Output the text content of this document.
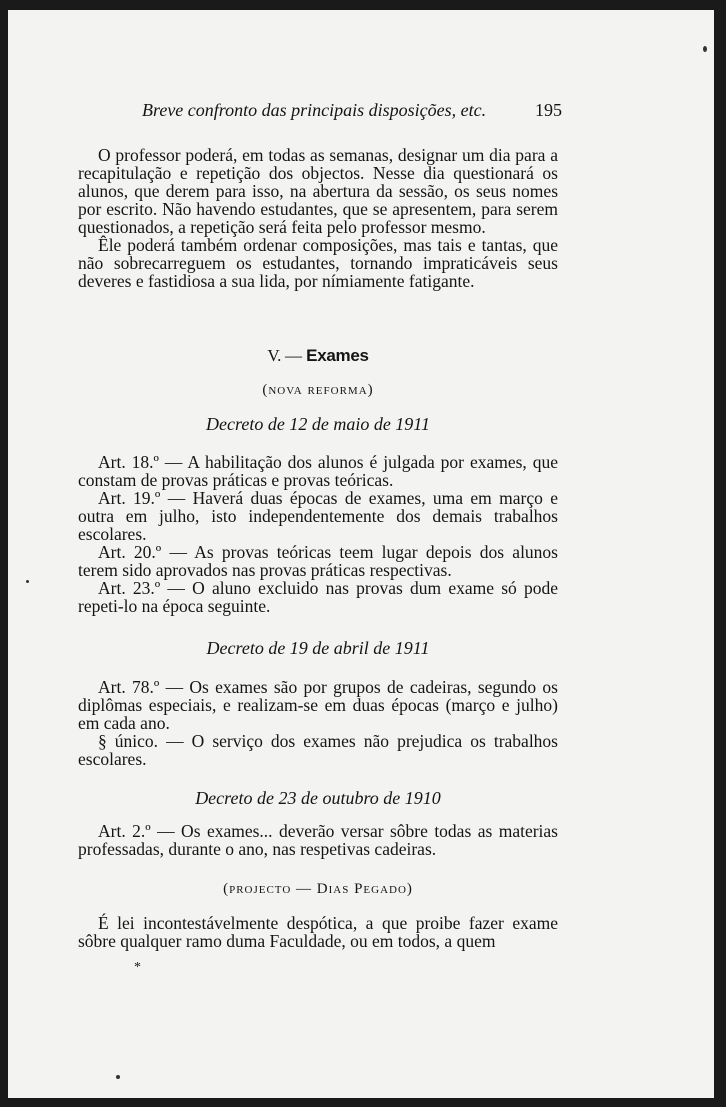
Breve confronto das principais disposições, etc.	195

O professor poderá, em todas as semanas, designar um dia para a recapitulação e repetição dos objectos. Nesse dia questionará os alunos, que derem para isso, na abertura da sessão, os seus nomes por escrito. Não havendo estudantes, que se apresentem, para serem questionados, a repetição será feita pelo professor mesmo.

Êle poderá também ordenar composições, mas tais e tantas, que não sobrecarreguem os estudantes, tornando impraticáveis seus deveres e fastidiosa a sua lida, por nímiamente fatigante.

V. — Exames
(nova reforma)
Decreto de 12 de maio de 1911

Art. 18.º — A habilitação dos alunos é julgada por exames, que constam de provas práticas e provas teóricas.

Art. 19.º — Haverá duas épocas de exames, uma em março e outra em julho, isto independentemente dos demais trabalhos escolares.

Art. 20.º — As provas teóricas teem lugar depois dos alunos terem sido aprovados nas provas práticas respectivas.

Art. 23.º — O aluno excluido nas provas dum exame só pode repeti-lo na época seguinte.

Decreto de 19 de abril de 1911

Art. 78.º — Os exames são por grupos de cadeiras, segundo os diplômas especiais, e realizam-se em duas épocas (março e julho) em cada ano.

§ único. — O serviço dos exames não prejudica os trabalhos escolares.

Decreto de 23 de outubro de 1910

Art. 2.º — Os exames... deverão versar sôbre todas as materias professadas, durante o ano, nas respetivas cadeiras.

(projecto — Dias Pegado)

É lei incontestávelmente despótica, a que proibe fazer exame sôbre qualquer ramo duma Faculdade, ou em todos, a quem

*
